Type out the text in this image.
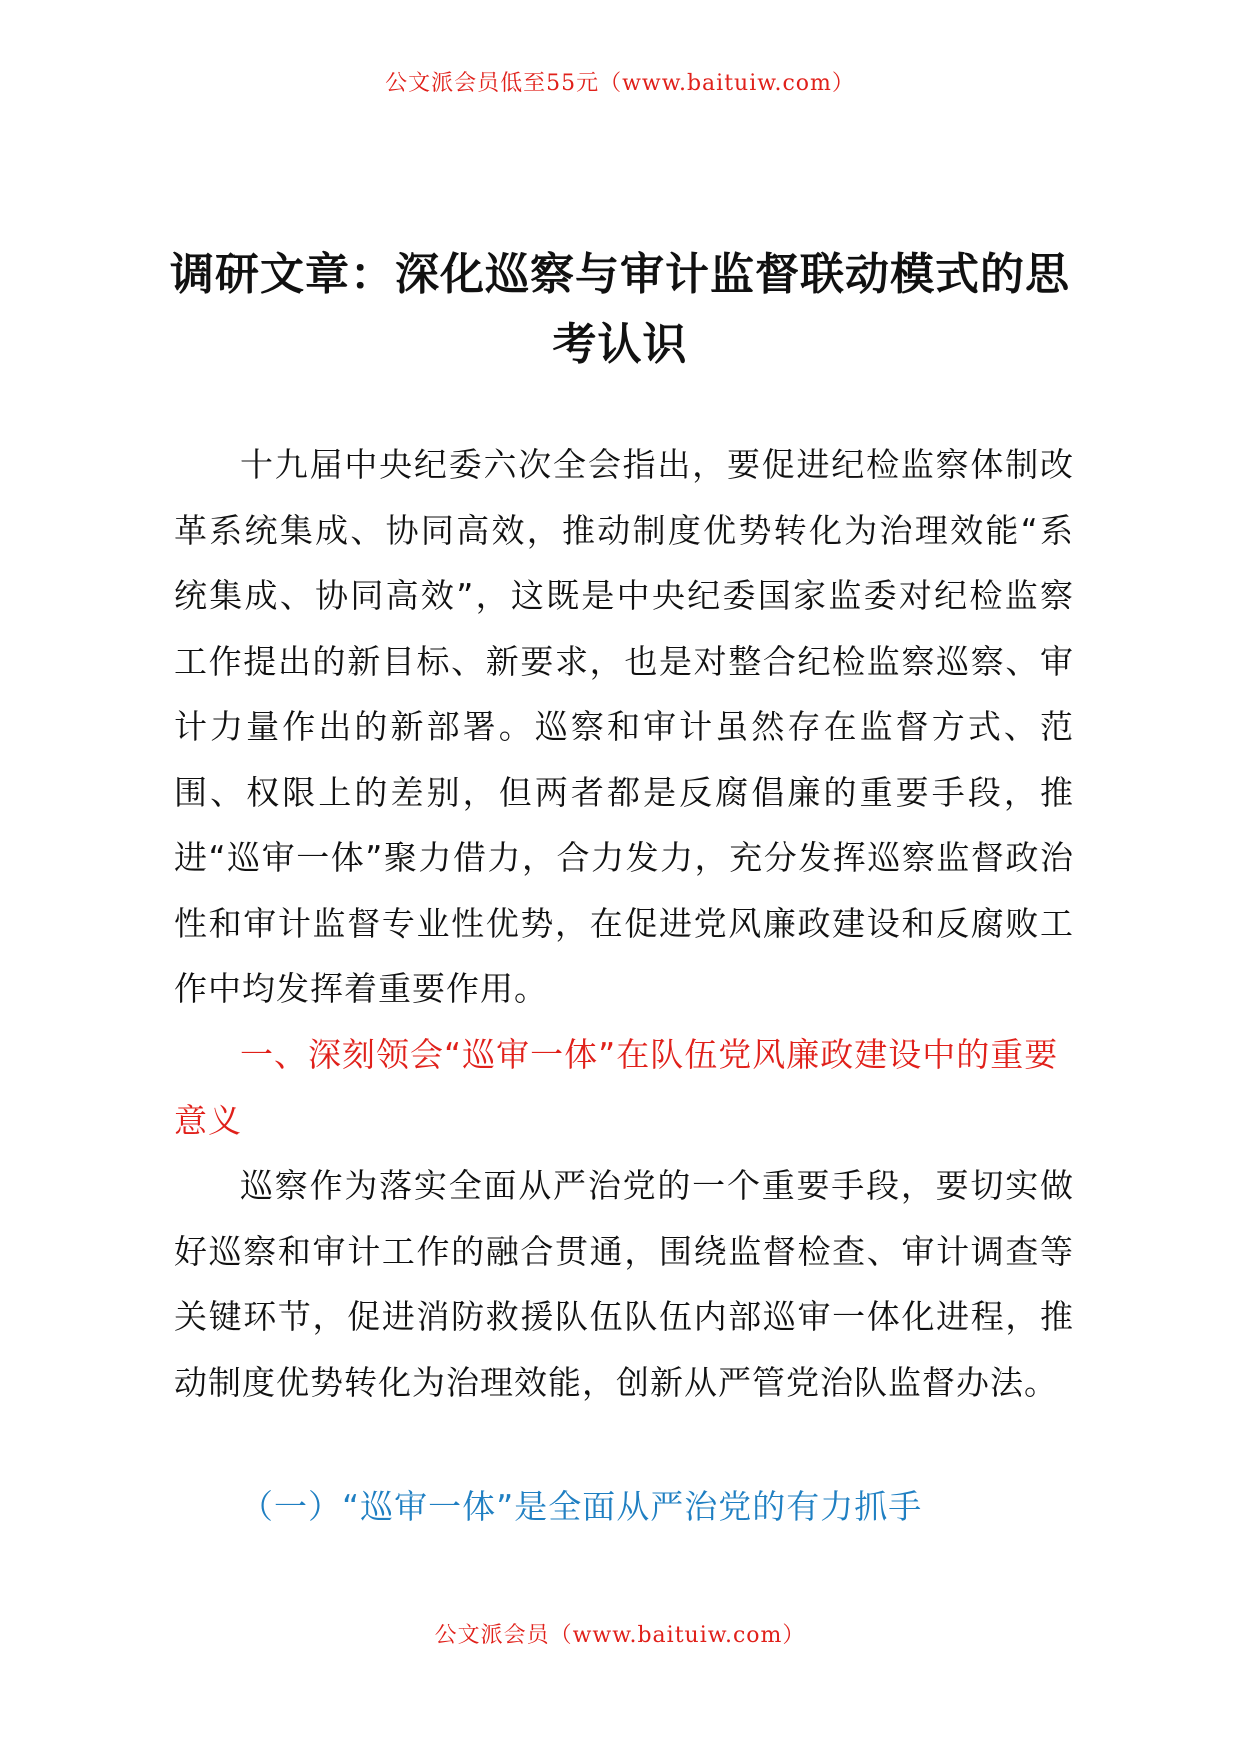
公文派会员低至55元（www.baituiw.com）
调研文章：深化巡察与审计监督联动模式的思考认识
十九届中央纪委六次全会指出，要促进纪检监察体制改革系统集成、协同高效，推动制度优势转化为治理效能“系统集成、协同高效”，这既是中央纪委国家监委对纪检监察工作提出的新目标、新要求，也是对整合纪检监察巡察、审计力量作出的新部署。巡察和审计虽然存在监督方式、范围、权限上的差别，但两者都是反腐倡廉的重要手段，推进“巡审一体”聚力借力，合力发力，充分发挥巡察监督政治性和审计监督专业性优势，在促进党风廉政建设和反腐败工作中均发挥着重要作用。
一、深刻领会“巡审一体”在队伍党风廉政建设中的重要意义
巡察作为落实全面从严治党的一个重要手段，要切实做好巡察和审计工作的融合贯通，围绕监督检查、审计调查等关键环节，促进消防救援队伍队伍内部巡审一体化进程，推动制度优势转化为治理效能，创新从严管党治队监督办法。
（一）“巡审一体”是全面从严治党的有力抓手
公文派会员（www.baituiw.com）
